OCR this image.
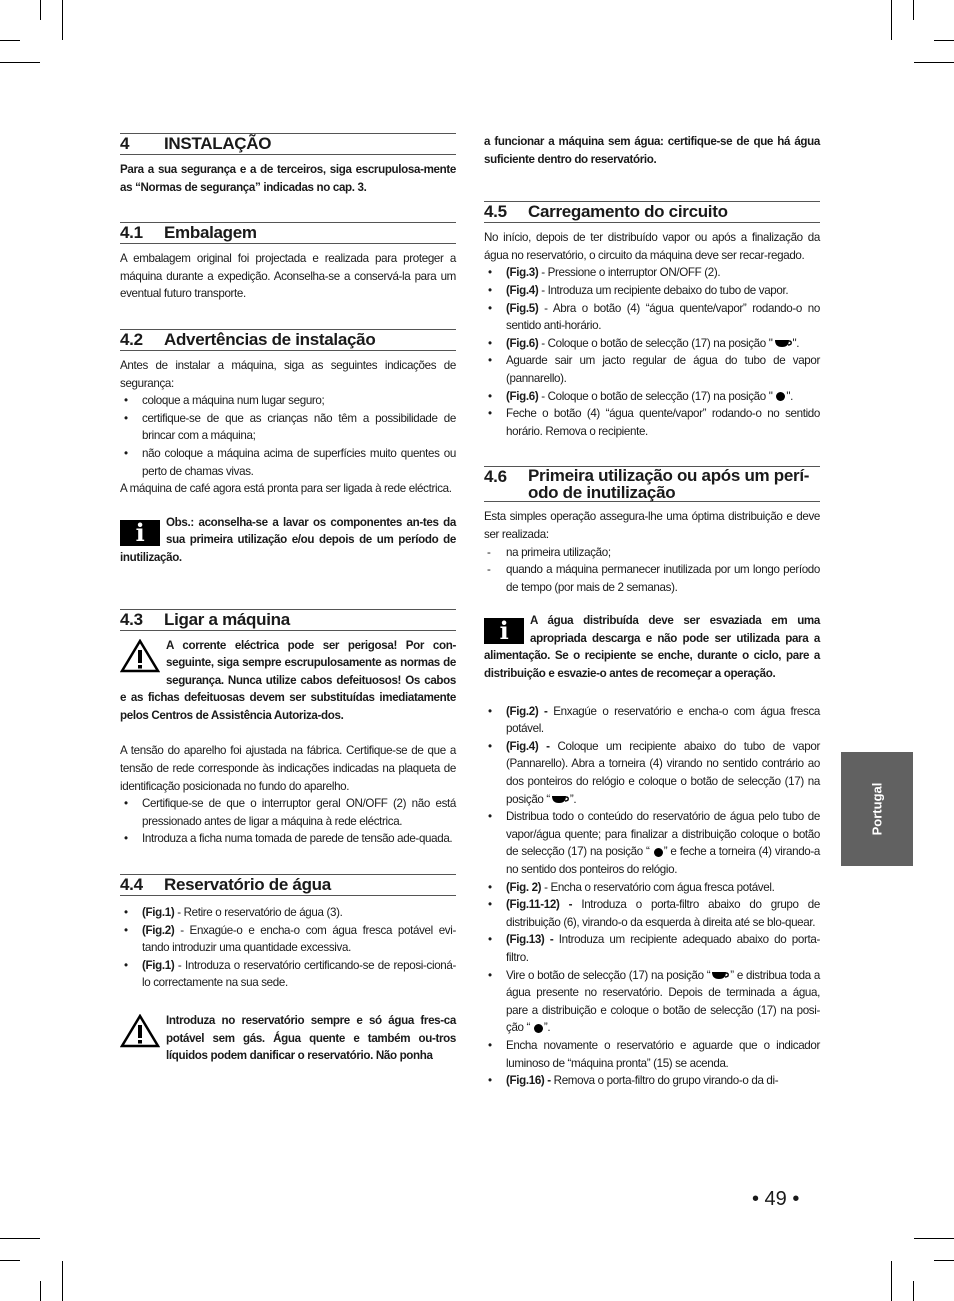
4	INSTALAÇÃO

Para a sua segurança e a de terceiros, siga escrupulosa-mente as “Normas de segurança” indicadas no cap. 3.

4.1	Embalagem

A embalagem original foi projectada e realizada para proteger a máquina durante a expedição. Aconselha-se a conservá-la para um eventual futuro transporte.

4.2	Advertências de instalação

Antes de instalar a máquina, siga as seguintes indicações de segurança:

• coloque a máquina num lugar seguro;
• certifique-se de que as crianças não têm a possibilidade de brincar com a máquina;
• não coloque a máquina acima de superfícies muito quentes ou perto de chamas vivas.

A máquina de café agora está pronta para ser ligada à rede eléctrica.

i	Obs.: aconselha-se a lavar os componentes an-tes da sua primeira utilização e/ou depois de um período de inutilização.

4.3	Ligar a máquina

A corrente eléctrica pode ser perigosa! Por con-seguinte, siga sempre escrupulosamente as normas de segurança. Nunca utilize cabos defeituosos! Os cabos e as fichas defeituosas devem ser substituídas imediatamente pelos Centros de Assistência Autoriza-dos.

A tensão do aparelho foi ajustada na fábrica. Certifique-se de que a tensão de rede corresponde às indicações indicadas na plaqueta de identificação posicionada no fundo do aparelho.

• Certifique-se de que o interruptor geral ON/OFF (2) não está pressionado antes de ligar a máquina à rede eléctrica.
• Introduza a ficha numa tomada de parede de tensão ade-quada.
4.4	Reservatório de água
• (Fig.1) - Retire o reservatório de água (3).
• (Fig.2) - Enxagúe-o e encha-o com água fresca potável evi-tando introduzir uma quantidade excessiva.
• (Fig.1) - Introduza o reservatório certificando-se de reposi-cioná-lo correctamente na sua sede.

Introduza no reservatório sempre e só água fres-ca potável sem gás. Água quente e também ou-tros líquidos podem danificar o reservatório. Não ponha

a funcionar a máquina sem água: certifique-se de que há água suficiente dentro do reservatório.

4.5	Carregamento do circuito

No início, depois de ter distribuído vapor ou após a finalização da água no reservatório, o circuito da máquina deve ser recar-regado.

• (Fig.3) - Pressione o interruptor ON/OFF (2).
• (Fig.4) - Introduza um recipiente debaixo do tubo de vapor.
• (Fig.5) - Abra o botão (4) “água quente/vapor” rodando-o no sentido anti-horário.
• (Fig.6) - Coloque o botão de selecção (17) na posição " ".
• Aguarde sair um jacto regular de água do tubo de vapor (pannarello).
• (Fig.6) - Coloque o botão de selecção (17) na posição " ".
• Feche o botão (4) “água quente/vapor” rodando-o no sentido horário. Remova o recipiente.
4.6	Primeira utilização ou após um perí-odo de inutilização

Esta simples operação assegura-lhe uma óptima distribuição e deve ser realizada:

- na primeira utilização;
- quando a máquina permanecer inutilizada por um longo período de tempo (por mais de 2 semanas).
i	A água distribuída deve ser esvaziada em uma apropriada descarga e não pode ser utilizada para a alimentação. Se o recipiente se enche, durante o ciclo, pare a distribuição e esvazie-o antes de recomeçar a operação.

• (Fig.2) - Enxagúe o reservatório e encha-o com água fresca potável.
• (Fig.4) - Coloque um recipiente abaixo do tubo de vapor (Pannarello). Abra a torneira (4) virando no sentido contrário ao dos ponteiros do relógio e coloque o botão de selecção (17) na posição “ ”.
• Distribua todo o conteúdo do reservatório de água pelo tubo de vapor/água quente; para finalizar a distribuição coloque o botão de selecção (17) na posição “ ” e feche a torneira (4) virando-a no sentido dos ponteiros do relógio.
• (Fig. 2) - Encha o reservatório com água fresca potável.
• (Fig.11-12) - Introduza o porta-filtro abaixo do grupo de distribuição (6), virando-o da esquerda à direita até se blo-quear.
• (Fig.13) - Introduza um recipiente adequado abaixo do porta-filtro.
• Vire o botão de selecção (17) na posição “ ” e distribua toda a água presente no reservatório. Depois de terminada a água, pare a distribuição e coloque o botão de selecção (17) na posi-ção “ ”.
• Encha novamente o reservatório e aguarde que o indicador luminoso de “máquina pronta” (15) se acenda.
• (Fig.16) - Remova o porta-filtro do grupo virando-o da di-
Portugal
• 49 •
